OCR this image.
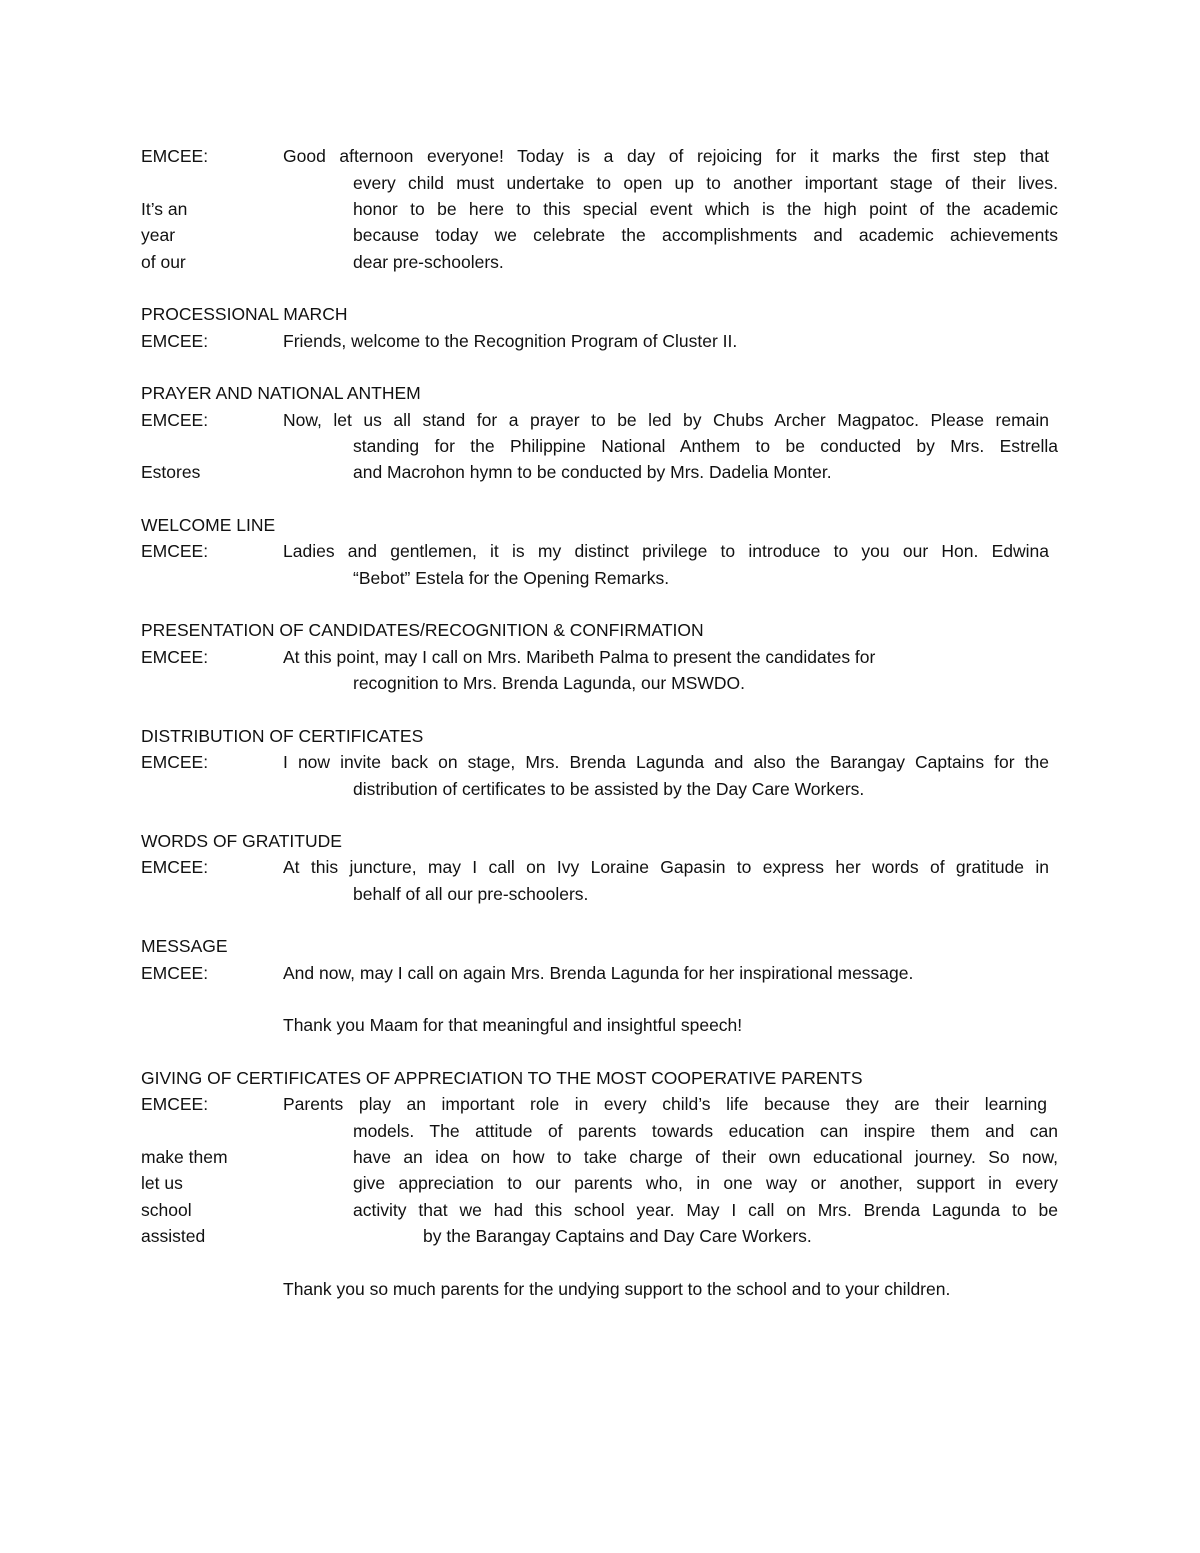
EMCEE:	Good afternoon everyone! Today is a day of rejoicing for it marks the first step that
every child must undertake to open up to another important stage of their lives.
It’s an	honor to be here to this special event which is the high point of the academic
year	because today we celebrate the accomplishments and academic achievements
of our	dear pre-schoolers.
PROCESSIONAL MARCH
EMCEE:	Friends, welcome to the Recognition Program of Cluster II.
PRAYER AND NATIONAL ANTHEM
EMCEE:	Now, let us all stand for a prayer to be led by Chubs Archer Magpatoc. Please remain
standing for the Philippine National Anthem to be conducted by Mrs. Estrella
Estores	and Macrohon hymn to be conducted by Mrs. Dadelia Monter.
WELCOME LINE
EMCEE:	Ladies and gentlemen, it is my distinct privilege to introduce to you our Hon. Edwina
“Bebot” Estela for the Opening Remarks.
PRESENTATION OF CANDIDATES/RECOGNITION & CONFIRMATION
EMCEE:	At this point, may I call on Mrs. Maribeth Palma to present the candidates for
recognition to Mrs. Brenda Lagunda, our MSWDO.
DISTRIBUTION OF CERTIFICATES
EMCEE:	I now invite back on stage, Mrs. Brenda Lagunda and also the Barangay Captains for the
distribution of certificates to be assisted by the Day Care Workers.
WORDS OF GRATITUDE
EMCEE:	At this juncture, may I call on Ivy Loraine Gapasin to express her words of gratitude in
behalf of all our pre-schoolers.
MESSAGE
EMCEE:	And now, may I call on again Mrs. Brenda Lagunda for her inspirational message.
Thank you Maam for that meaningful and insightful speech!
GIVING OF CERTIFICATES OF APPRECIATION TO THE MOST COOPERATIVE PARENTS
EMCEE:	Parents play an important role in every child’s life because they are their learning
models. The attitude of parents towards education can inspire them and can
make them	have an idea on how to take charge of their own educational journey. So now,
let us	give appreciation to our parents who, in one way or another, support in every
school	activity that we had this school year. May I call on Mrs. Brenda Lagunda to be
assisted	by the Barangay Captains and Day Care Workers.
Thank you so much parents for the undying support to the school and to your children.
